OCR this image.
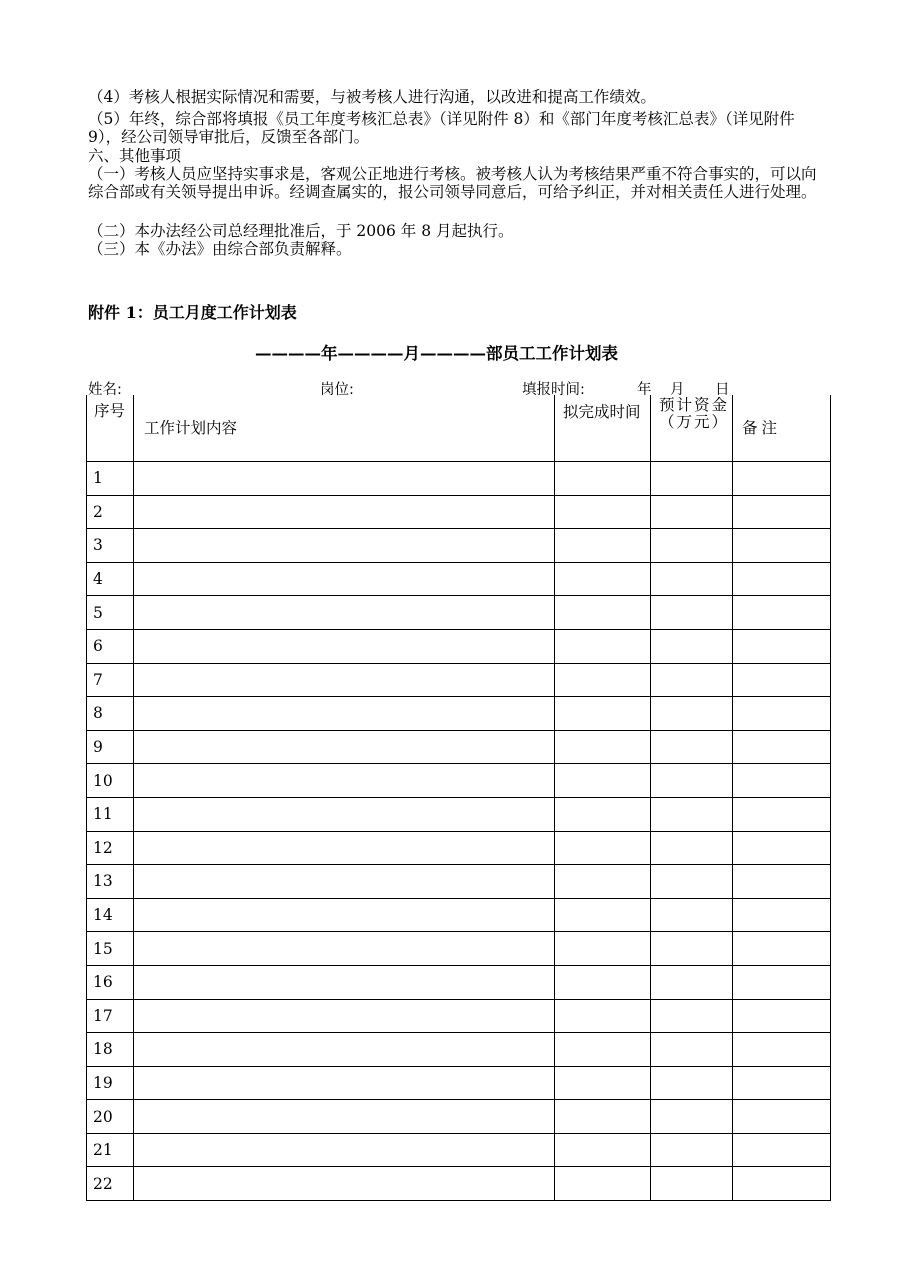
（4）考核人根据实际情况和需要，与被考核人进行沟通，以改进和提高工作绩效。

（5）年终，综合部将填报《员工年度考核汇总表》（详见附件 8）和《部门年度考核汇总表》（详见附件 9），经公司领导审批后，反馈至各部门。

六、其他事项

（一）考核人员应坚持实事求是，客观公正地进行考核。被考核人认为考核结果严重不符合事实的，可以向综合部或有关领导提出申诉。经调查属实的，报公司领导同意后，可给予纠正，并对相关责任人进行处理。

（二）本办法经公司总经理批准后，于 2006 年 8 月起执行。

（三）本《办法》由综合部负责解释。

附件 1：员工月度工作计划表

————年————月————部员工工作计划表

姓名:	岗位:	填报时间:	年 月 日
序号	工作计划内容	拟完成时间	预计资金（万元）	备注
1				
2				
3				
4				
5				
6				
7				
8				
9				
10				
11				
12				
13				
14				
15				
16				
17				
18				
19				
20				
21				
22				
